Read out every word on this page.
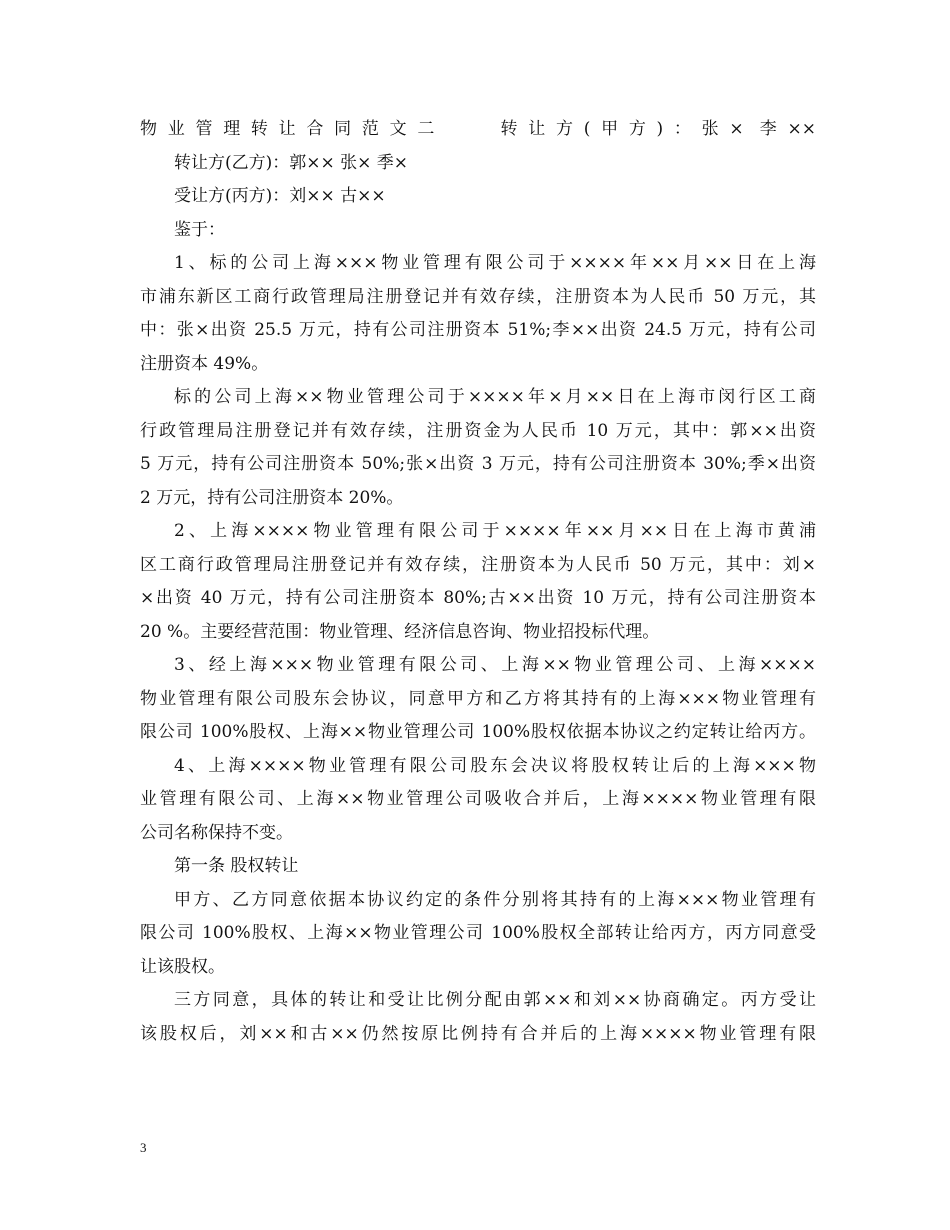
物业管理转让合同范文二　　转让方(甲方)：张× 李××
转让方(乙方)：郭×× 张× 季×
受让方(丙方)：刘×× 古××
鉴于：
1、标的公司上海×××物业管理有限公司于××××年××月××日在上海
市浦东新区工商行政管理局注册登记并有效存续，注册资本为人民币 50 万元，其
中：张×出资 25.5 万元，持有公司注册资本 51%;李××出资 24.5 万元，持有公司
注册资本 49%。
标的公司上海××物业管理公司于××××年×月××日在上海市闵行区工商
行政管理局注册登记并有效存续，注册资金为人民币 10 万元，其中：郭××出资
5 万元，持有公司注册资本 50%;张×出资 3 万元，持有公司注册资本 30%;季×出资
2 万元，持有公司注册资本 20%。
2、上海××××物业管理有限公司于××××年××月××日在上海市黄浦
区工商行政管理局注册登记并有效存续，注册资本为人民币 50 万元，其中：刘×
×出资 40 万元，持有公司注册资本 80%;古××出资 10 万元，持有公司注册资本
20 %。主要经营范围：物业管理、经济信息咨询、物业招投标代理。
3、经上海×××物业管理有限公司、上海××物业管理公司、上海××××
物业管理有限公司股东会协议，同意甲方和乙方将其持有的上海×××物业管理有
限公司 100%股权、上海××物业管理公司 100%股权依据本协议之约定转让给丙方。
4、上海××××物业管理有限公司股东会决议将股权转让后的上海×××物
业管理有限公司、上海××物业管理公司吸收合并后，上海××××物业管理有限
公司名称保持不变。
第一条 股权转让
甲方、乙方同意依据本协议约定的条件分别将其持有的上海×××物业管理有
限公司 100%股权、上海××物业管理公司 100%股权全部转让给丙方，丙方同意受
让该股权。
三方同意，具体的转让和受让比例分配由郭××和刘××协商确定。丙方受让
该股权后，刘××和古××仍然按原比例持有合并后的上海××××物业管理有限
3
